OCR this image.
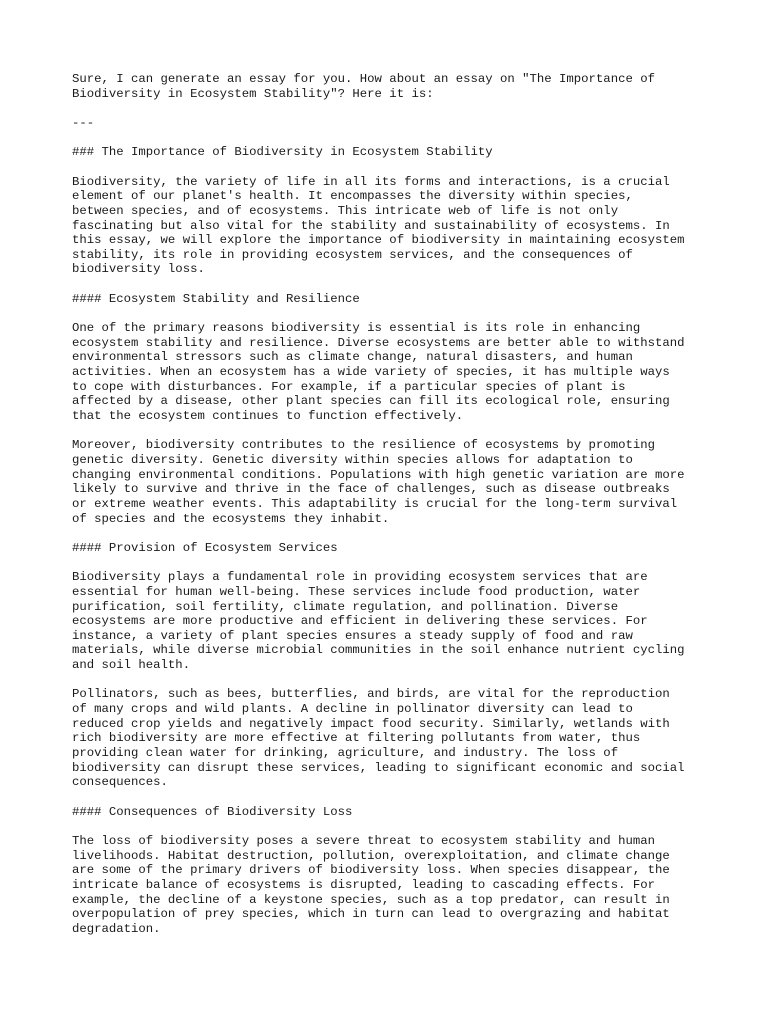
Sure, I can generate an essay for you. How about an essay on "The Importance of
Biodiversity in Ecosystem Stability"? Here it is:
---
### The Importance of Biodiversity in Ecosystem Stability
Biodiversity, the variety of life in all its forms and interactions, is a crucial
element of our planet's health. It encompasses the diversity within species,
between species, and of ecosystems. This intricate web of life is not only
fascinating but also vital for the stability and sustainability of ecosystems. In
this essay, we will explore the importance of biodiversity in maintaining ecosystem
stability, its role in providing ecosystem services, and the consequences of
biodiversity loss.
#### Ecosystem Stability and Resilience
One of the primary reasons biodiversity is essential is its role in enhancing
ecosystem stability and resilience. Diverse ecosystems are better able to withstand
environmental stressors such as climate change, natural disasters, and human
activities. When an ecosystem has a wide variety of species, it has multiple ways
to cope with disturbances. For example, if a particular species of plant is
affected by a disease, other plant species can fill its ecological role, ensuring
that the ecosystem continues to function effectively.
Moreover, biodiversity contributes to the resilience of ecosystems by promoting
genetic diversity. Genetic diversity within species allows for adaptation to
changing environmental conditions. Populations with high genetic variation are more
likely to survive and thrive in the face of challenges, such as disease outbreaks
or extreme weather events. This adaptability is crucial for the long-term survival
of species and the ecosystems they inhabit.
#### Provision of Ecosystem Services
Biodiversity plays a fundamental role in providing ecosystem services that are
essential for human well-being. These services include food production, water
purification, soil fertility, climate regulation, and pollination. Diverse
ecosystems are more productive and efficient in delivering these services. For
instance, a variety of plant species ensures a steady supply of food and raw
materials, while diverse microbial communities in the soil enhance nutrient cycling
and soil health.
Pollinators, such as bees, butterflies, and birds, are vital for the reproduction
of many crops and wild plants. A decline in pollinator diversity can lead to
reduced crop yields and negatively impact food security. Similarly, wetlands with
rich biodiversity are more effective at filtering pollutants from water, thus
providing clean water for drinking, agriculture, and industry. The loss of
biodiversity can disrupt these services, leading to significant economic and social
consequences.
#### Consequences of Biodiversity Loss
The loss of biodiversity poses a severe threat to ecosystem stability and human
livelihoods. Habitat destruction, pollution, overexploitation, and climate change
are some of the primary drivers of biodiversity loss. When species disappear, the
intricate balance of ecosystems is disrupted, leading to cascading effects. For
example, the decline of a keystone species, such as a top predator, can result in
overpopulation of prey species, which in turn can lead to overgrazing and habitat
degradation.
